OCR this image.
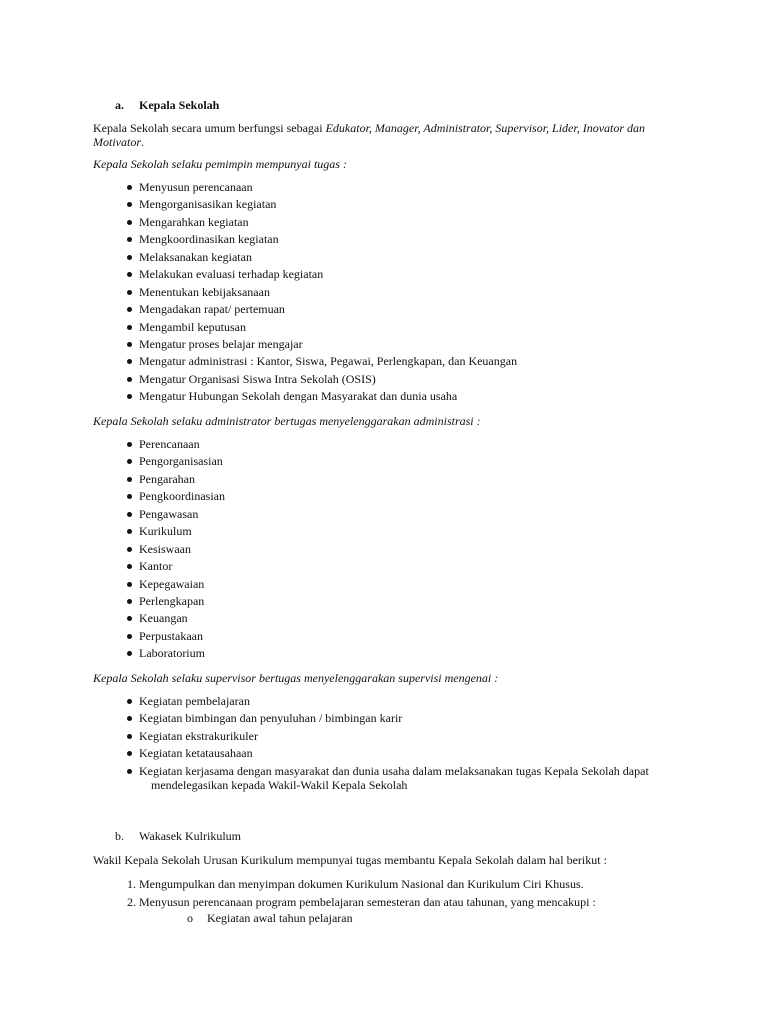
a.	Kepala Sekolah

Kepala Sekolah secara umum berfungsi sebagai Edukator, Manager, Administrator, Supervisor, Lider, Inovator dan
Motivator.

Kepala Sekolah selaku pemimpin mempunyai tugas :

Menyusun perencanaan
Mengorganisasikan kegiatan
Mengarahkan kegiatan
Mengkoordinasikan kegiatan
Melaksanakan kegiatan
Melakukan evaluasi terhadap kegiatan
Menentukan kebijaksanaan
Mengadakan rapat/ pertemuan
Mengambil keputusan
Mengatur proses belajar mengajar
Mengatur administrasi : Kantor, Siswa, Pegawai, Perlengkapan, dan Keuangan
Mengatur Organisasi Siswa Intra Sekolah (OSIS)
Mengatur Hubungan Sekolah dengan Masyarakat dan dunia usaha

Kepala Sekolah selaku administrator bertugas menyelenggarakan administrasi :

Perencanaan
Pengorganisasian
Pengarahan
Pengkoordinasian
Pengawasan
Kurikulum
Kesiswaan
Kantor
Kepegawaian
Perlengkapan
Keuangan
Perpustakaan
Laboratorium

Kepala Sekolah selaku supervisor bertugas menyelenggarakan supervisi mengenai :

Kegiatan pembelajaran
Kegiatan bimbingan dan penyuluhan / bimbingan karir
Kegiatan ekstrakurikuler
Kegiatan ketatausahaan
Kegiatan kerjasama dengan masyarakat dan dunia usaha dalam melaksanakan tugas Kepala Sekolah dapat
mendelegasikan kepada Wakil-Wakil Kepala Sekolah
b.	Wakasek Kulrikulum

Wakil Kepala Sekolah Urusan Kurikulum mempunyai tugas membantu Kepala Sekolah dalam hal berikut :

1. Mengumpulkan dan menyimpan dokumen Kurikulum Nasional dan Kurikulum Ciri Khusus.
2. Menyusun perencanaan program pembelajaran semesteran dan atau tahunan, yang mencakupi :
o Kegiatan awal tahun pelajaran
